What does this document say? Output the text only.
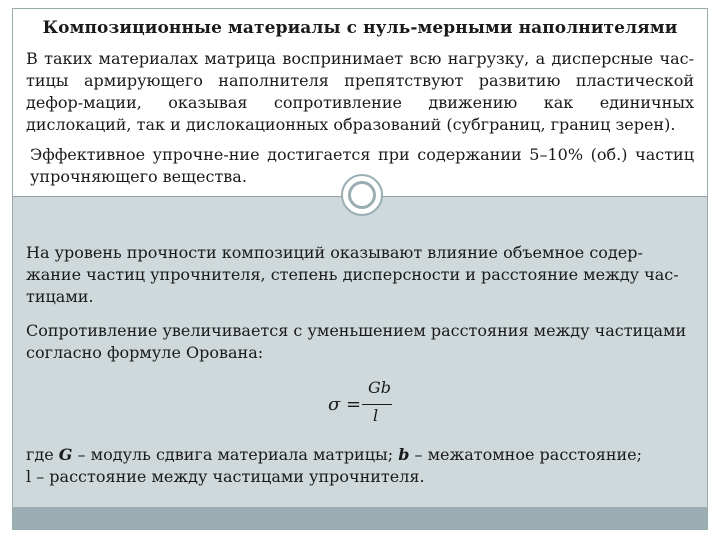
Композиционные материалы с нуль-мерными наполнителями

В таких материалах матрица воспринимает всю нагрузку, а дисперсные час-тицы армирующего наполнителя препятствуют развитию пластической дефор-мации, оказывая сопротивление движению как единичных дислокаций, так и дислокационных образований (субграниц, границ зерен).

Эффективное упрочне-ние достигается при содержании 5–10% (об.) частиц упрочняющего вещества.

На уровень прочности композиций оказывают влияние объемное содер-жание частиц упрочнителя, степень дисперсности и расстояние между час-тицами.

Сопротивление увеличивается с уменьшением расстояния между частицами согласно формуле Орована:

σ =
Gb
l

где G – модуль сдвига материала матрицы; b – межатомное расстояние;
l – расстояние между частицами упрочнителя.
